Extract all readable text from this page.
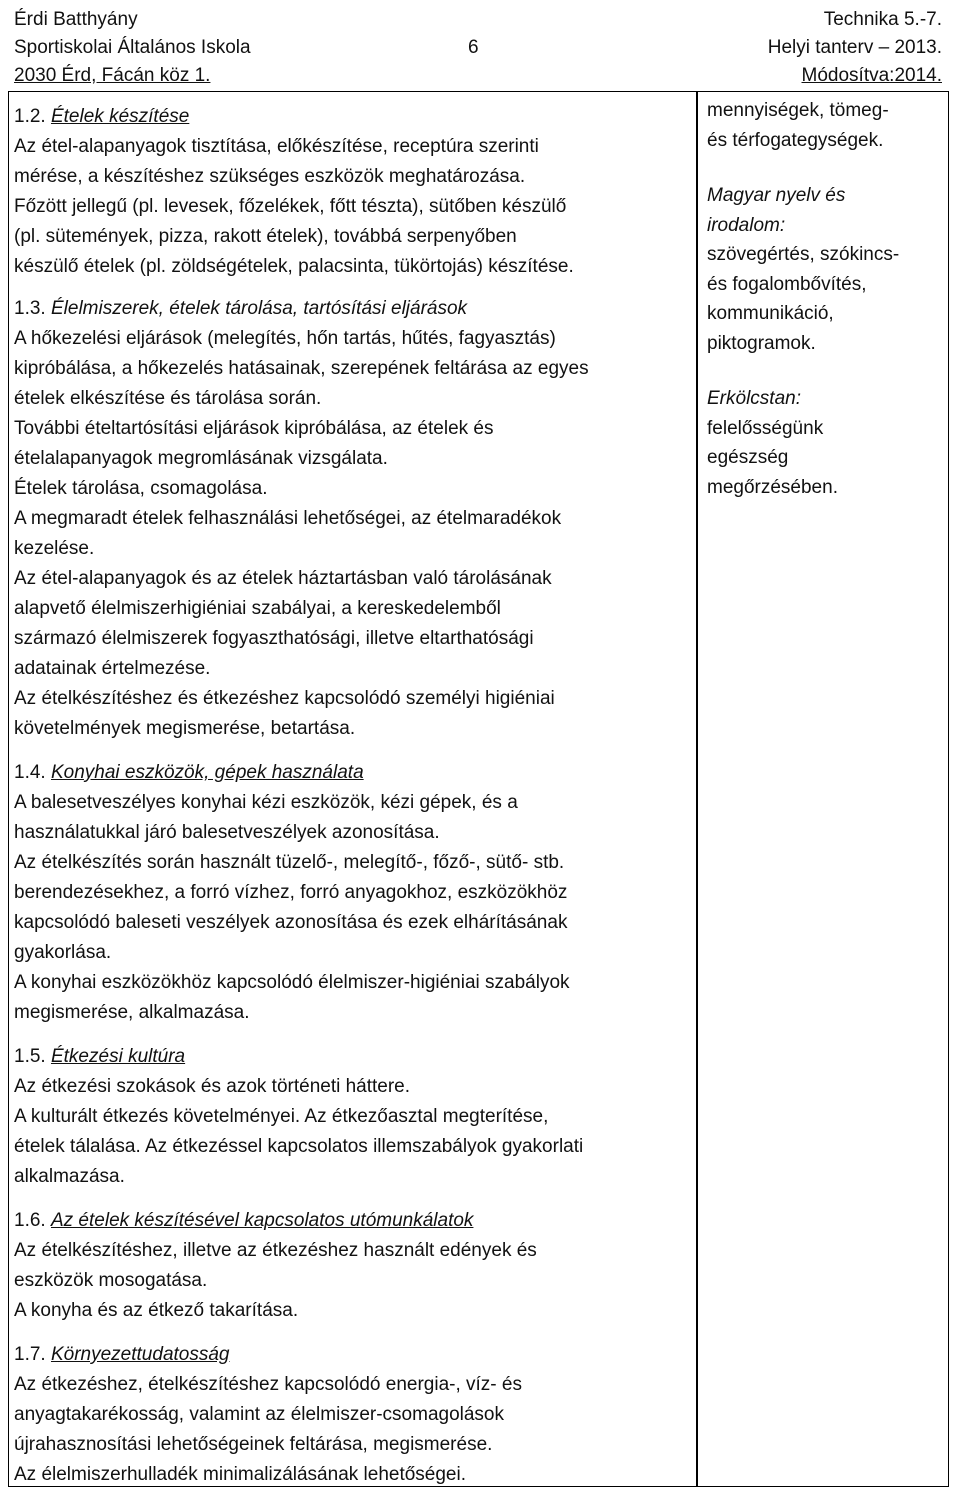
Érdi Batthyány
Sportiskolai Általános Iskola
2030 Érd, Fácán köz 1.
6
Technika 5.-7.
Helyi tanterv – 2013.
Módosítva:2014.
1.2. Ételek készítése
Az étel-alapanyagok tisztítása, előkészítése, receptúra szerinti
mérése, a készítéshez szükséges eszközök meghatározása.
Főzött jellegű (pl. levesek, főzelékek, főtt tészta), sütőben készülő
(pl. sütemények, pizza, rakott ételek), továbbá serpenyőben
készülő ételek (pl. zöldségételek, palacsinta, tükörtojás) készítése.
1.3. Élelmiszerek, ételek tárolása, tartósítási eljárások
A hőkezelési eljárások (melegítés, hőn tartás, hűtés, fagyasztás)
kipróbálása, a hőkezelés hatásainak, szerepének feltárása az egyes
ételek elkészítése és tárolása során.
További ételtartósítási eljárások kipróbálása, az ételek és
ételalapanyagok megromlásának vizsgálata.
Ételek tárolása, csomagolása.
A megmaradt ételek felhasználási lehetőségei, az ételmaradékok
kezelése.
Az étel-alapanyagok és az ételek háztartásban való tárolásának
alapvető élelmiszerhigiéniai szabályai, a kereskedelemből
származó élelmiszerek fogyaszthatósági, illetve eltarthatósági
adatainak értelmezése.
Az ételkészítéshez és étkezéshez kapcsolódó személyi higiéniai
követelmények megismerése, betartása.
1.4. Konyhai eszközök, gépek használata
A balesetveszélyes konyhai kézi eszközök, kézi gépek, és a
használatukkal járó balesetveszélyek azonosítása.
Az ételkészítés során használt tüzelő-, melegítő-, főző-, sütő- stb.
berendezésekhez, a forró vízhez, forró anyagokhoz, eszközökhöz
kapcsolódó baleseti veszélyek azonosítása és ezek elhárításának
gyakorlása.
A konyhai eszközökhöz kapcsolódó élelmiszer-higiéniai szabályok
megismerése, alkalmazása.
1.5. Étkezési kultúra
Az étkezési szokások és azok történeti háttere.
A kulturált étkezés követelményei. Az étkezőasztal megterítése,
ételek tálalása. Az étkezéssel kapcsolatos illemszabályok gyakorlati
alkalmazása.
1.6. Az ételek készítésével kapcsolatos utómunkálatok
Az ételkészítéshez, illetve az étkezéshez használt edények és
eszközök mosogatása.
A konyha és az étkező takarítása.
1.7. Környezettudatosság
Az étkezéshez, ételkészítéshez kapcsolódó energia-, víz- és
anyagtakarékosság, valamint az élelmiszer-csomagolások
újrahasznosítási lehetőségeinek feltárása, megismerése.
Az élelmiszerhulladék minimalizálásának lehetőségei.
mennyiségek, tömeg-
és térfogategységek.
Magyar nyelv és
irodalom:
szövegértés, szókincs-
és fogalombővítés,
kommunikáció,
piktogramok.
Erkölcstan:
felelősségünk
egészség
megőrzésében.
